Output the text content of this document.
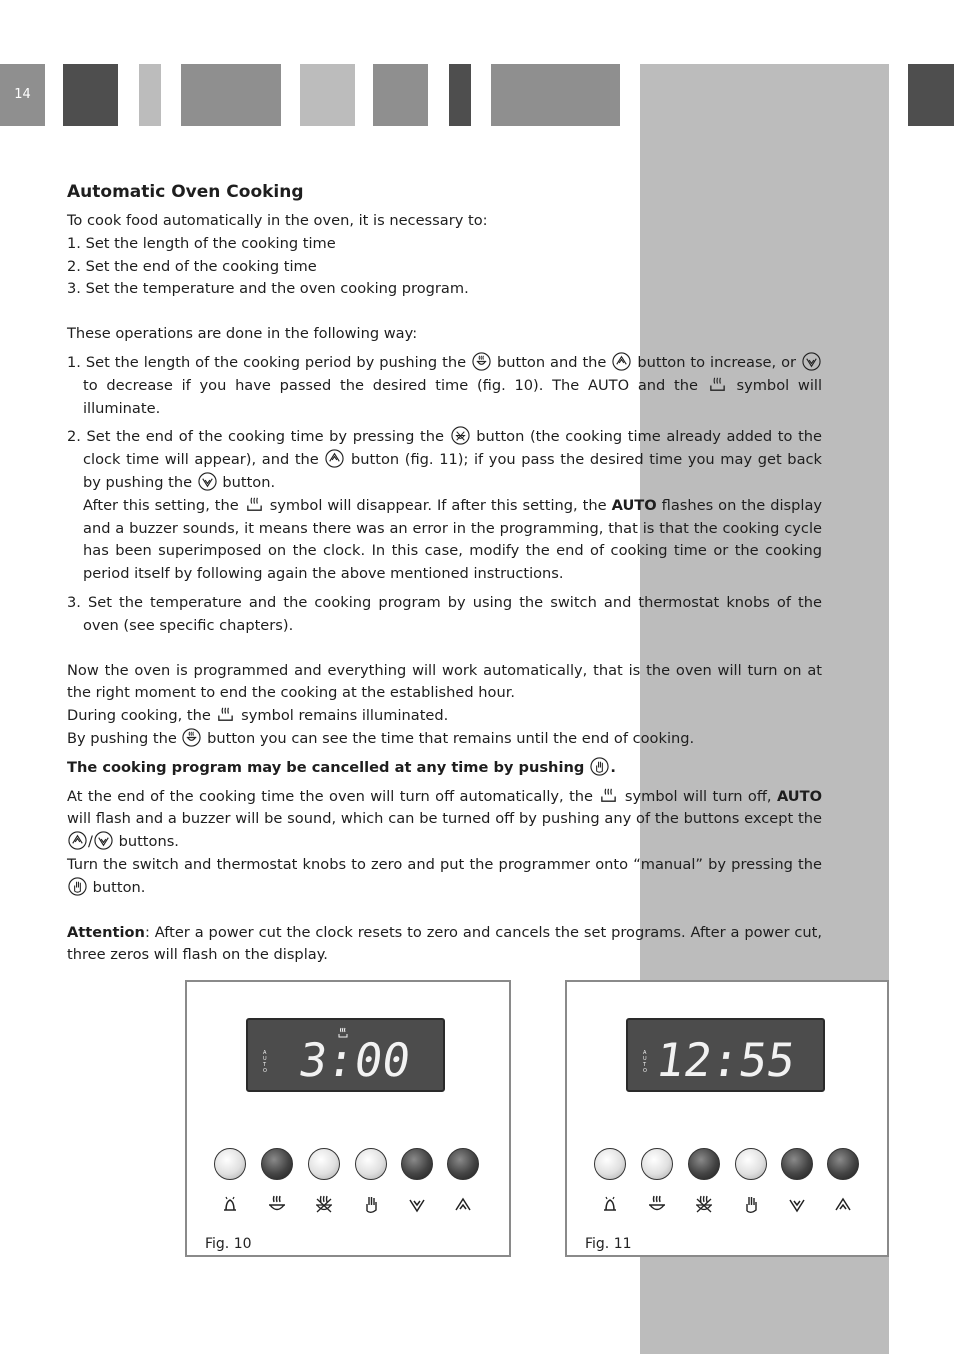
14
Automatic Oven Cooking

To cook food automatically in the oven, it is necessary to:

1. Set the length of the cooking time

2. Set the end of the cooking time

3. Set the temperature and the oven cooking program.

These operations are done in the following way:

1. Set the length of the cooking period by pushing the button and the button to increase, or
to decrease if you have passed the desired time (fig. 10). The AUTO and the	symbol will illuminate.

2. Set the end of the cooking time by pressing the button (the cooking time already added to the clock time will appear), and the button (fig. 11); if you pass the desired time you may get back by pushing the button.
After this setting, the symbol will disappear. If after this setting, the AUTO flashes on the display and a buzzer sounds, it means there was an error in the programming, that is that the cooking cycle has been superimposed on the clock. In this case, modify the end of cooking time or the cooking period itself by following again the above mentioned instructions.

3. Set the temperature and the cooking program by using the switch and thermostat knobs of the oven (see specific chapters).

Now the oven is programmed and everything will work automatically, that is the oven will turn on at the right moment to end the cooking at the established hour.

During cooking, the symbol remains illuminated.

By pushing the button you can see the time that remains until the end of cooking.

The cooking program may be cancelled at any time by pushing .

At the end of the cooking time the oven will turn off automatically, the symbol will turn off, AUTO will flash and a buzzer will be sound, which can be turned off by pushing any of the buttons except the
/ buttons.

Turn the switch and thermostat knobs to zero and put the programmer onto “manual” by pressing the
button.

Attention: After a power cut the clock resets to zero and cancels the set programs. After a power cut, three zeros will flash on the display.

A
U
T
O 3:00
Fig. 10
A
U
T
O 12:55
Fig. 11
